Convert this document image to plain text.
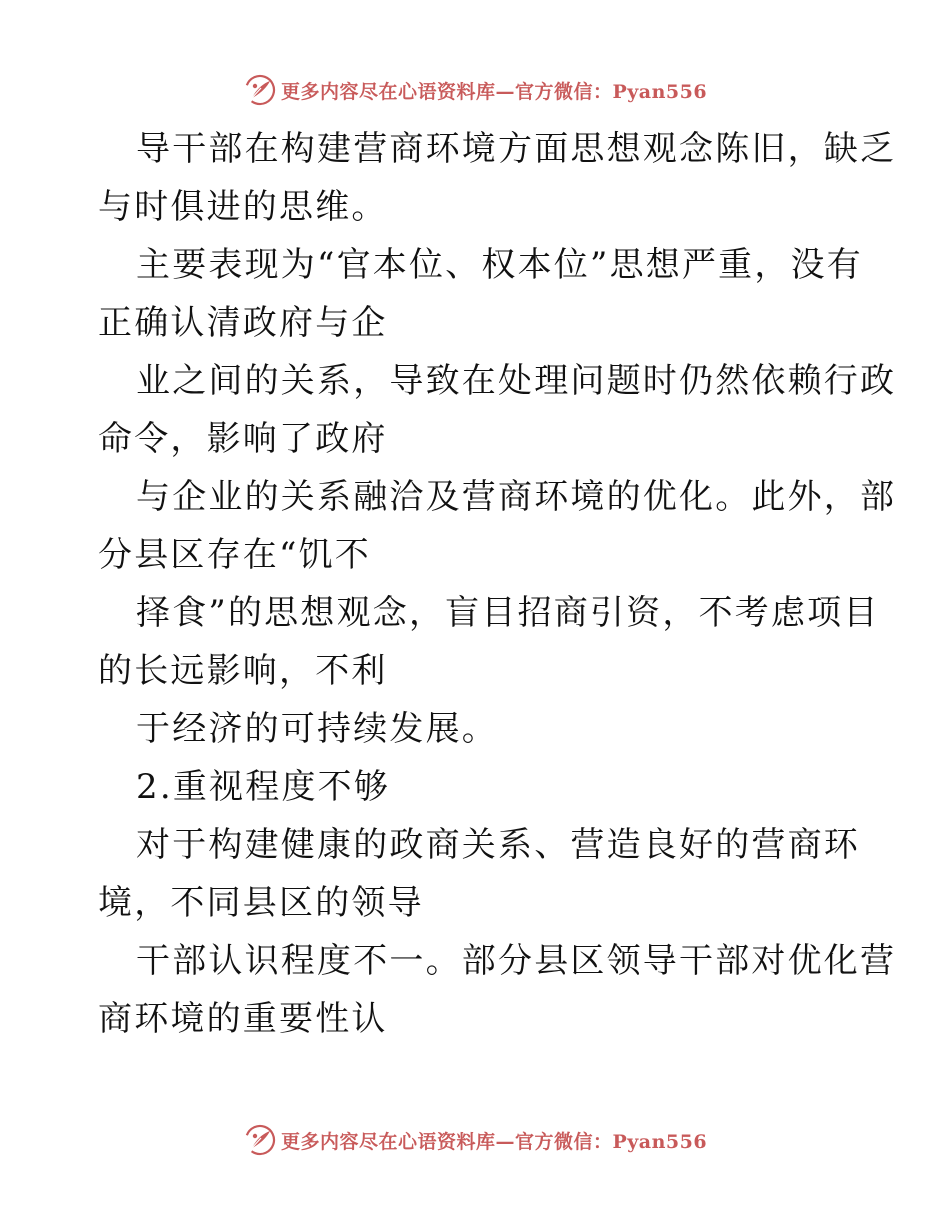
更多内容尽在心语资料库—官方微信：Pyan556
导干部在构建营商环境方面思想观念陈旧，缺乏
与时俱进的思维。
主要表现为“官本位、权本位”思想严重，没有
正确认清政府与企
业之间的关系，导致在处理问题时仍然依赖行政
命令，影响了政府
与企业的关系融洽及营商环境的优化。此外，部
分县区存在“饥不
择食”的思想观念，盲目招商引资，不考虑项目
的长远影响，不利
于经济的可持续发展。
2.重视程度不够
对于构建健康的政商关系、营造良好的营商环
境，不同县区的领导
干部认识程度不一。部分县区领导干部对优化营
商环境的重要性认
更多内容尽在心语资料库—官方微信：Pyan556
